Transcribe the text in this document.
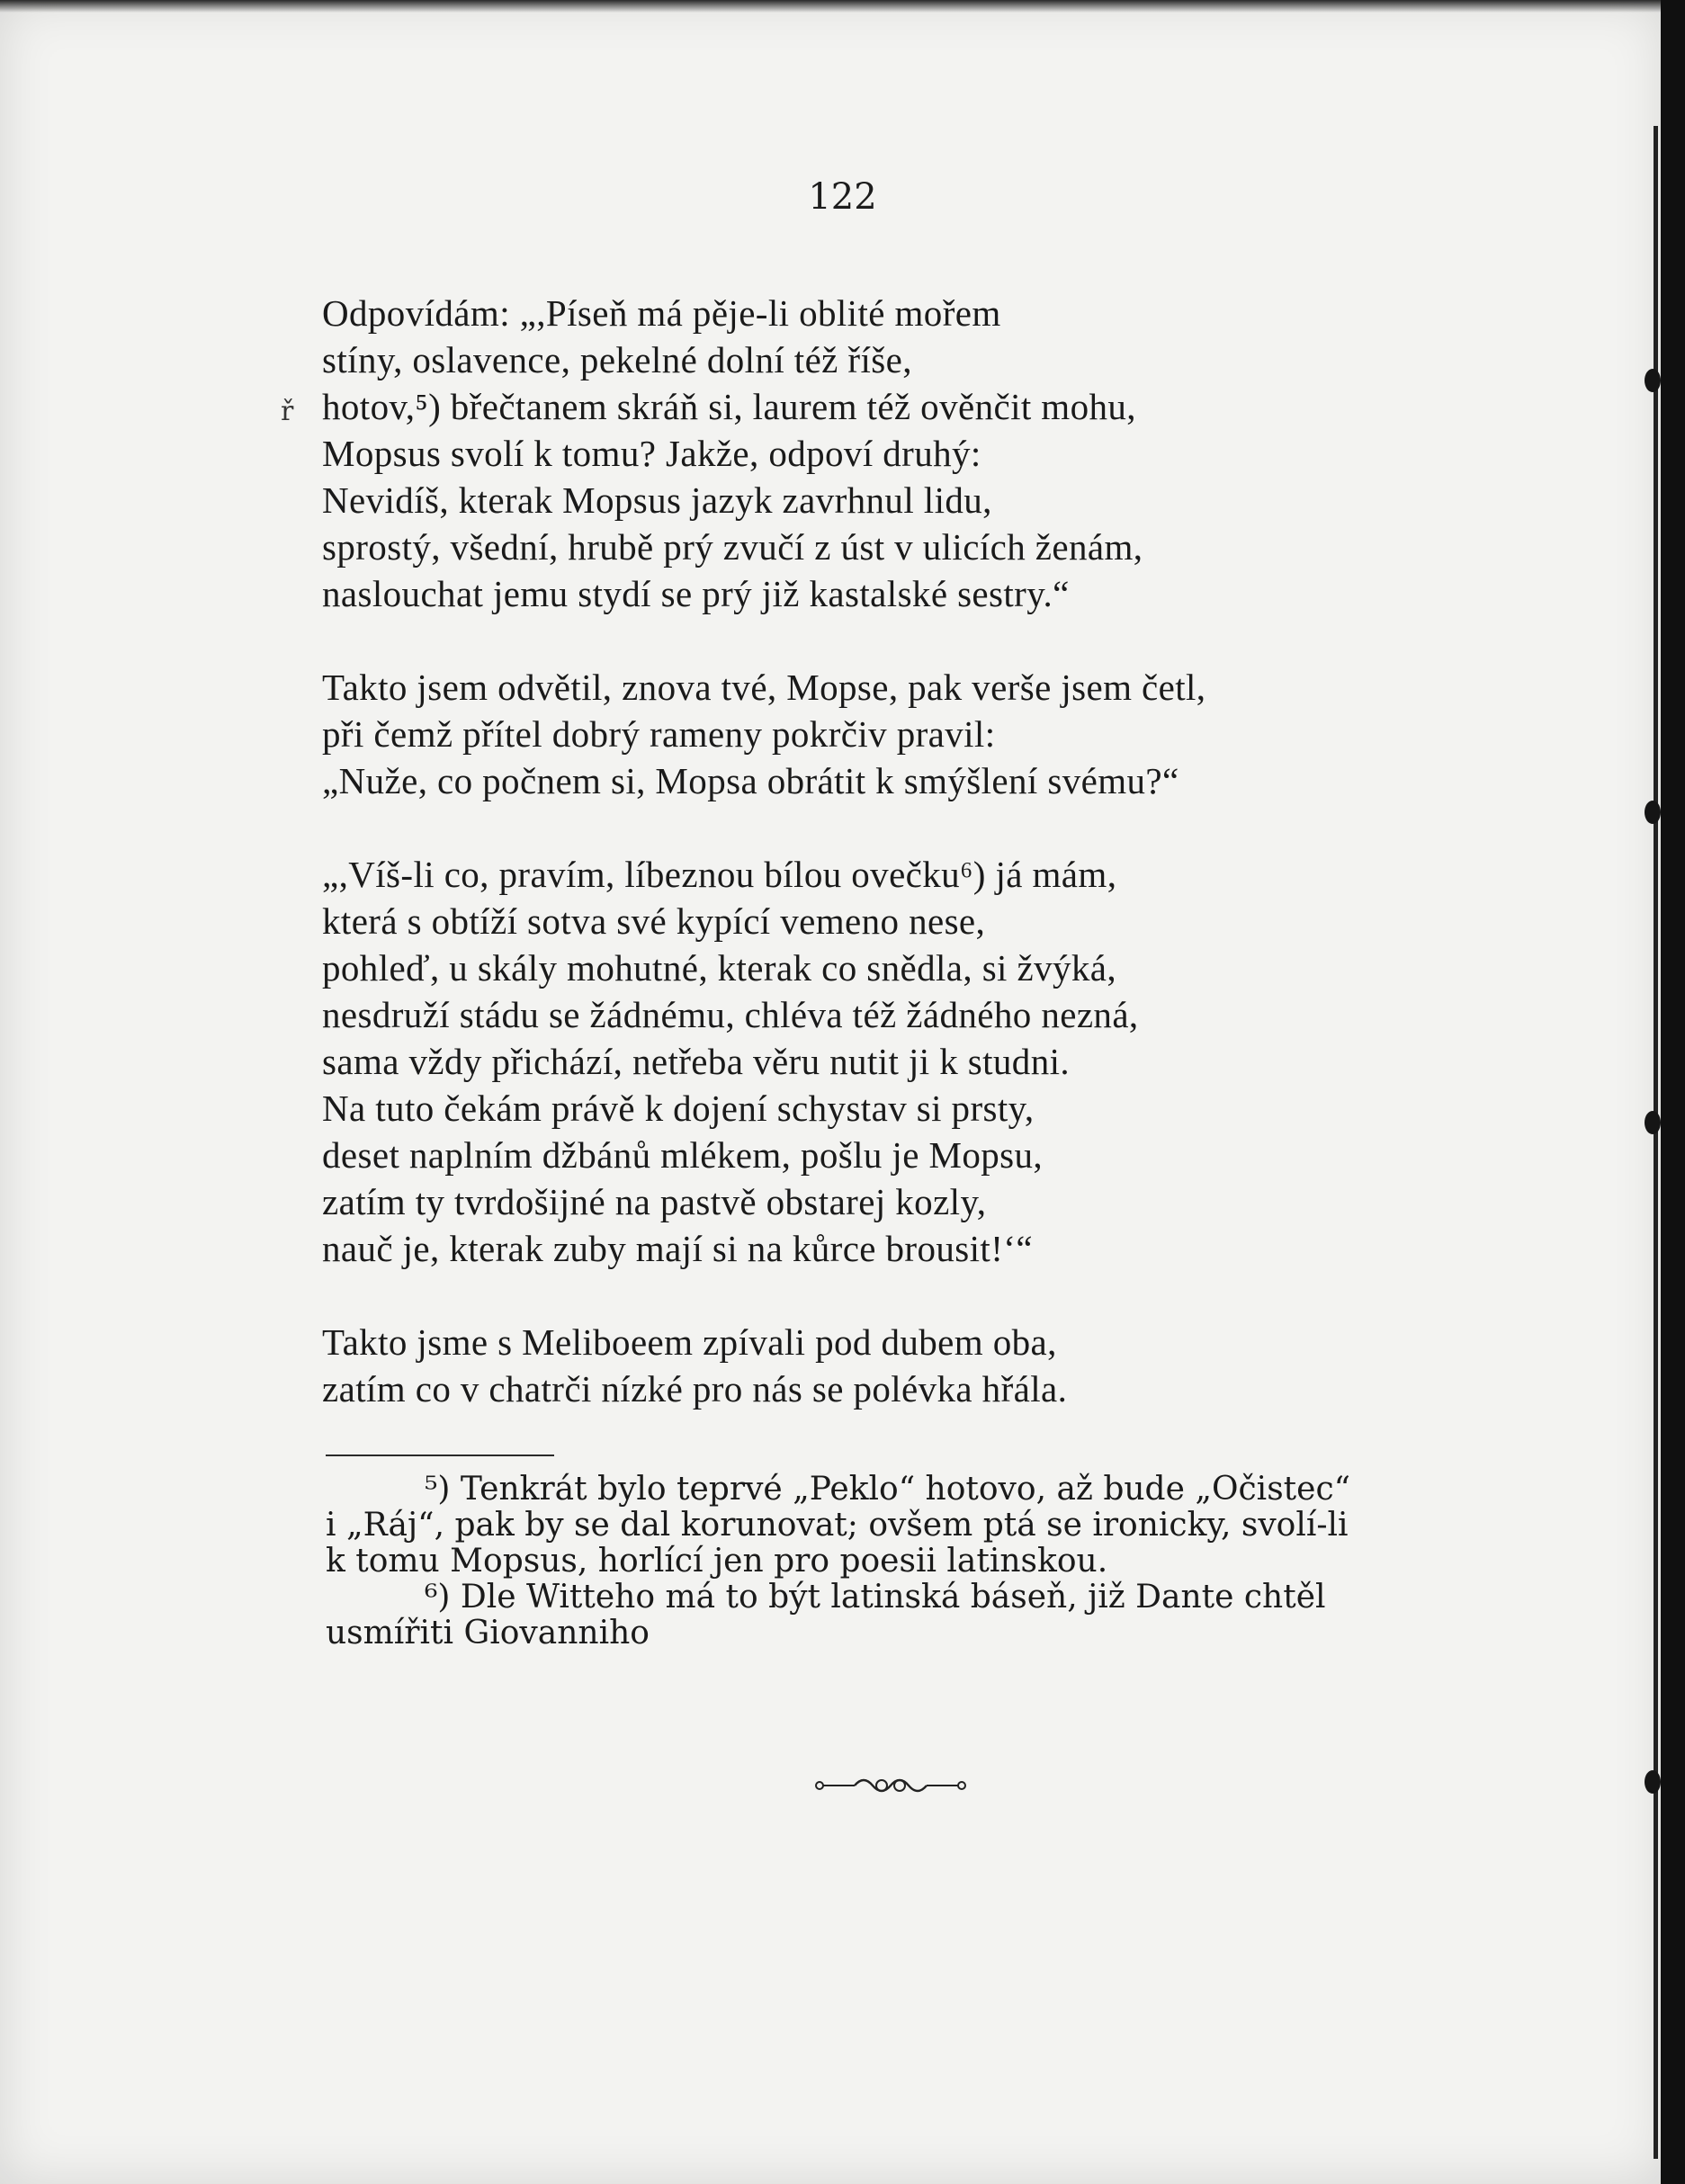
122
ř
Odpovídám: „,Píseň má pěje-li oblité mořem
stíny, oslavence, pekelné dolní též říše,
hotov,⁵) břečtanem skráň si, laurem též ověnčit mohu,
Mopsus svolí k tomu? Jakže, odpoví druhý:
Nevidíš, kterak Mopsus jazyk zavrhnul lidu,
sprostý, všední, hrubě prý zvučí z úst v ulicích ženám,
naslouchat jemu stydí se prý již kastalské sestry.“
Takto jsem odvětil, znova tvé, Mopse, pak verše jsem četl,
při čemž přítel dobrý rameny pokrčiv pravil:
„Nuže, co počnem si, Mopsa obrátit k smýšlení svému?“
„,Víš-li co, pravím, líbeznou bílou ovečku⁶) já mám,
která s obtíží sotva své kypící vemeno nese,
pohleď, u skály mohutné, kterak co snědla, si žvýká,
nesdruží stádu se žádnému, chléva též žádného nezná,
sama vždy přichází, netřeba věru nutit ji k studni.
Na tuto čekám právě k dojení schystav si prsty,
deset naplním džbánů mlékem, pošlu je Mopsu,
zatím ty tvrdošijné na pastvě obstarej kozly,
nauč je, kterak zuby mají si na kůrce brousit!‘“
Takto jsme s Meliboeem zpívali pod dubem oba,
zatím co v chatrči nízké pro nás se polévka hřála.
⁵) Tenkrát bylo teprvé „Peklo“ hotovo, až bude „Očistec“
i „Ráj“, pak by se dal korunovat; ovšem ptá se ironicky, svolí-li
k tomu Mopsus, horlící jen pro poesii latinskou.
⁶) Dle Witteho má to být latinská báseň, již Dante chtěl
usmířiti Giovanniho
